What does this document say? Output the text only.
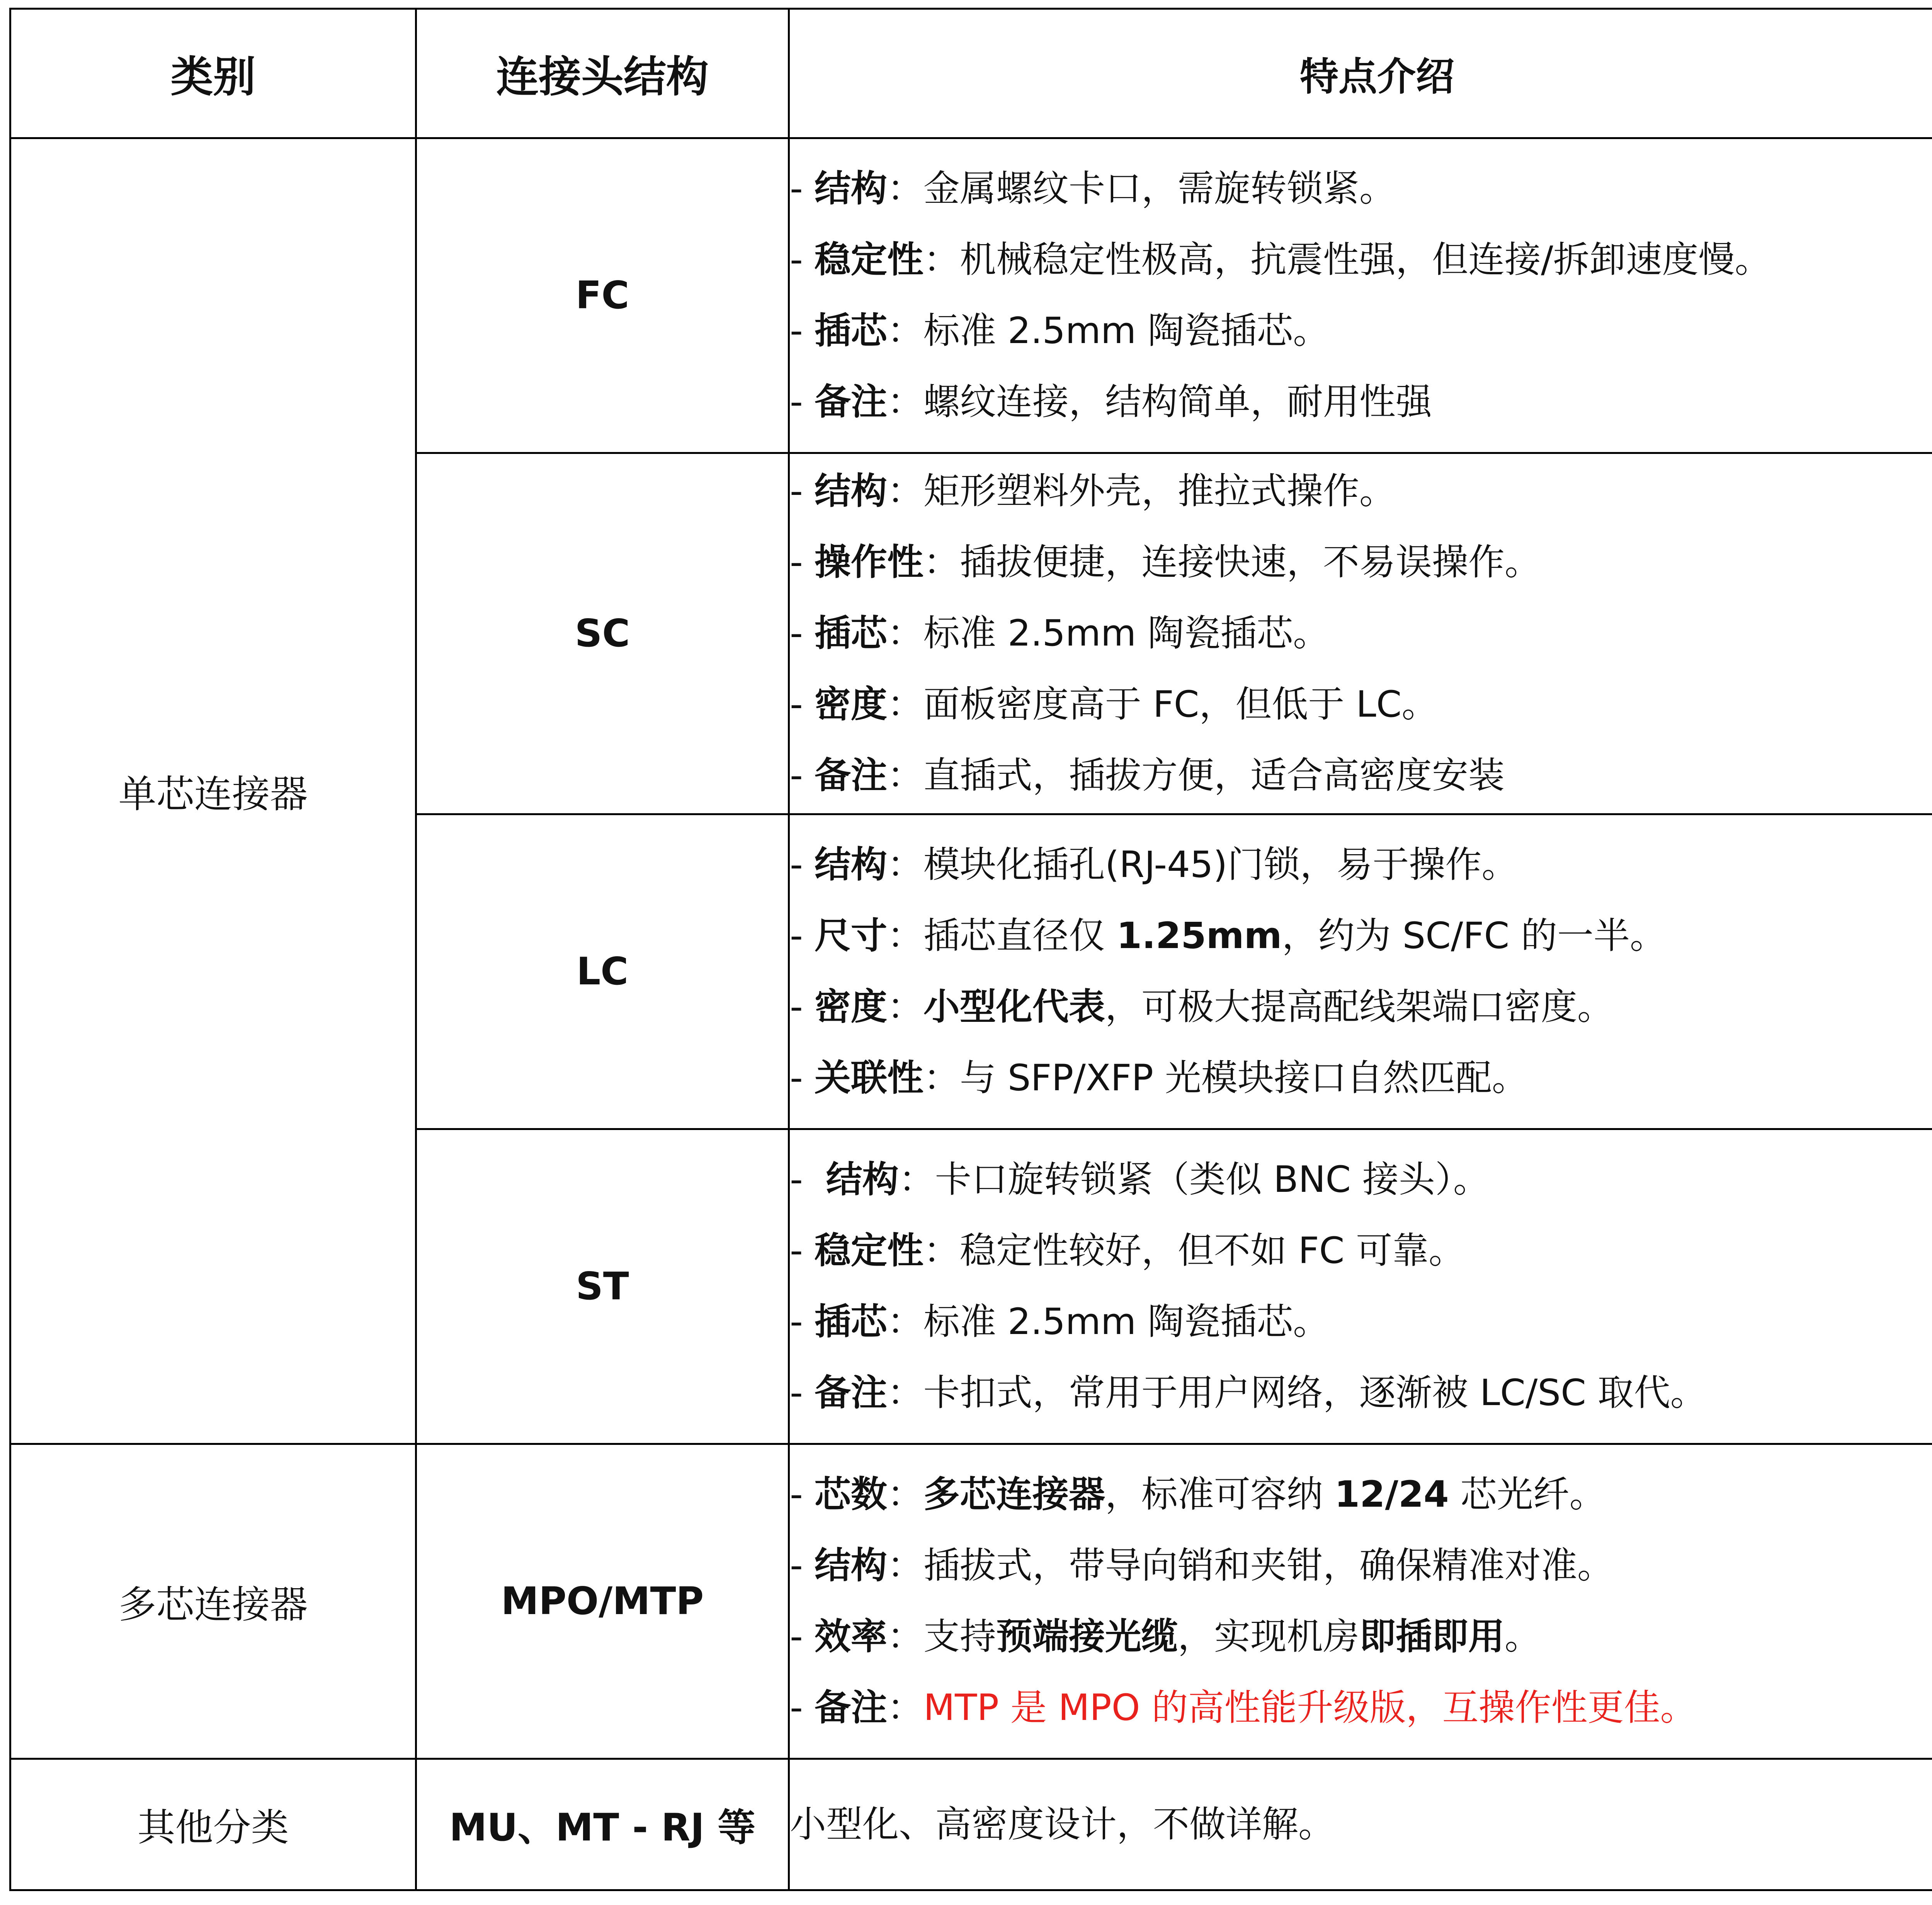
类别	连接头结构	特点介绍
单芯连接器	FC	- 结构：金属螺纹卡口，需旋转锁紧。
- 稳定性：机械稳定性极高，抗震性强，但连接/拆卸速度慢。
- 插芯：标准 2.5mm 陶瓷插芯。
- 备注：螺纹连接，结构简单，耐用性强

	SC	- 结构：矩形塑料外壳，推拉式操作。
- 操作性：插拔便捷，连接快速，不易误操作。
- 插芯：标准 2.5mm 陶瓷插芯。
- 密度：面板密度高于 FC，但低于 LC。
- 备注：直插式，插拔方便，适合高密度安装

	LC	- 结构：模块化插孔(RJ-45)门锁，易于操作。
- 尺寸：插芯直径仅 1.25mm，约为 SC/FC 的一半。
- 密度：小型化代表，可极大提高配线架端口密度。
- 关联性：与 SFP/XFP 光模块接口自然匹配。

	ST	-  结构：卡口旋转锁紧（类似 BNC 接头）。
- 稳定性：稳定性较好，但不如 FC 可靠。
- 插芯：标准 2.5mm 陶瓷插芯。
- 备注：卡扣式，常用于用户网络，逐渐被 LC/SC 取代。

多芯连接器	MPO/MTP	- 芯数：多芯连接器，标准可容纳 12/24 芯光纤。
- 结构：插拔式，带导向销和夹钳，确保精准对准。
- 效率：支持预端接光缆，实现机房即插即用。
- 备注：MTP 是 MPO 的高性能升级版，互操作性更佳。

其他分类	MU、MT - RJ 等	小型化、高密度设计，不做详解。
